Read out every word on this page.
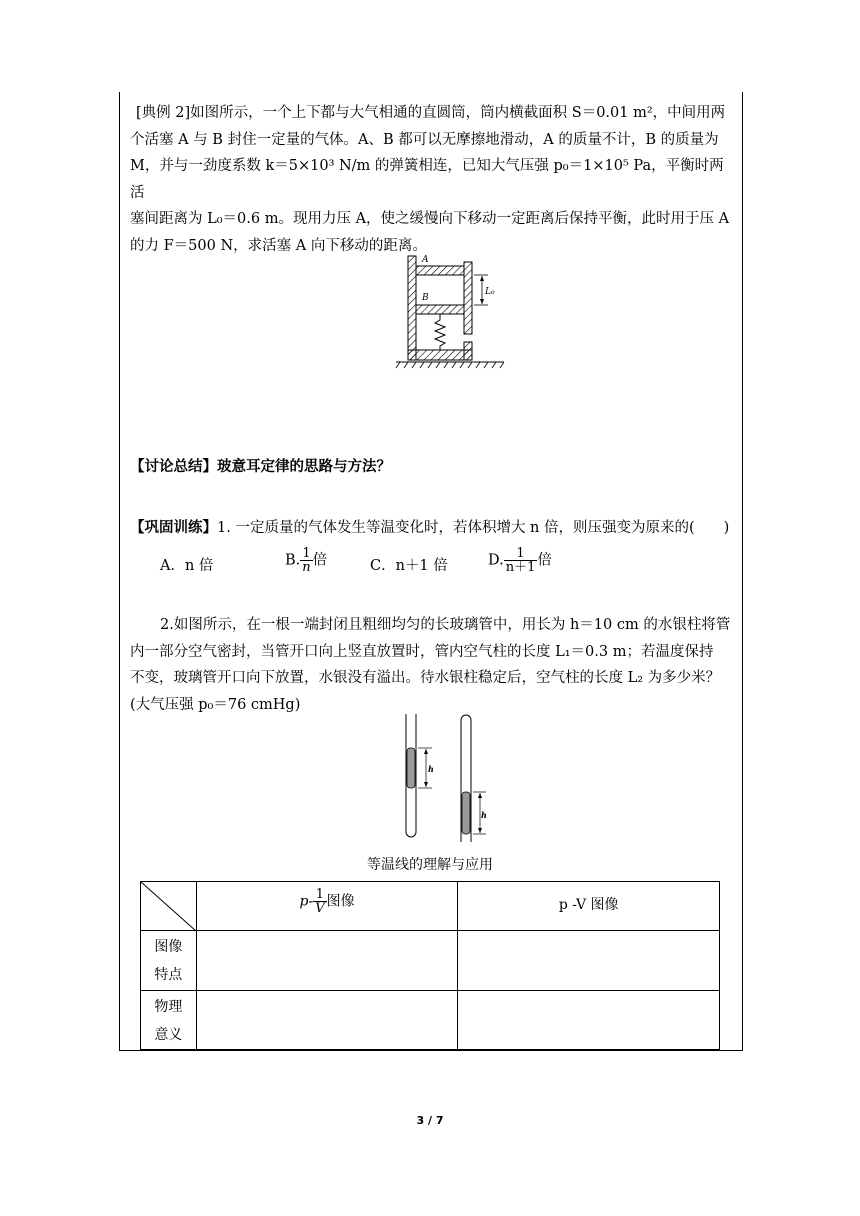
[典例 2]如图所示，一个上下都与大气相通的直圆筒，筒内横截面积 S＝0.01 m²，中间用两
个活塞 A 与 B 封住一定量的气体。A、B 都可以无摩擦地滑动，A 的质量不计，B 的质量为
M，并与一劲度系数 k＝5×10³ N/m 的弹簧相连，已知大气压强 p₀＝1×10⁵ Pa，平衡时两活
塞间距离为 L₀＝0.6 m。现用力压 A，使之缓慢向下移动一定距离后保持平衡，此时用于压 A
的力 F＝500 N，求活塞 A 向下移动的距离。
L₀
A
B
【讨论总结】玻意耳定律的思路与方法？
【巩固训练】1. 一定质量的气体发生等温变化时，若体积增大 n 倍，则压强变为原来的(　　)
A．n 倍	B. $\frac{1}{n}$ 倍	C．n＋1 倍	D. $\frac{1}{n+1}$ 倍
2.如图所示，在一根一端封闭且粗细均匀的长玻璃管中，用长为 h＝10 cm 的水银柱将管
内一部分空气密封，当管开口向上竖直放置时，管内空气柱的长度 L₁＝0.3 m；若温度保持
不变，玻璃管开口向下放置，水银没有溢出。待水银柱稳定后，空气柱的长度 L₂ 为多少米？
(大气压强 p₀＝76 cmHg)
h
h
等温线的理解与应用
	$p- \frac{1}{V}$ 图像	p -V 图像

图像
特点		

物理
意义		

3 / 7
